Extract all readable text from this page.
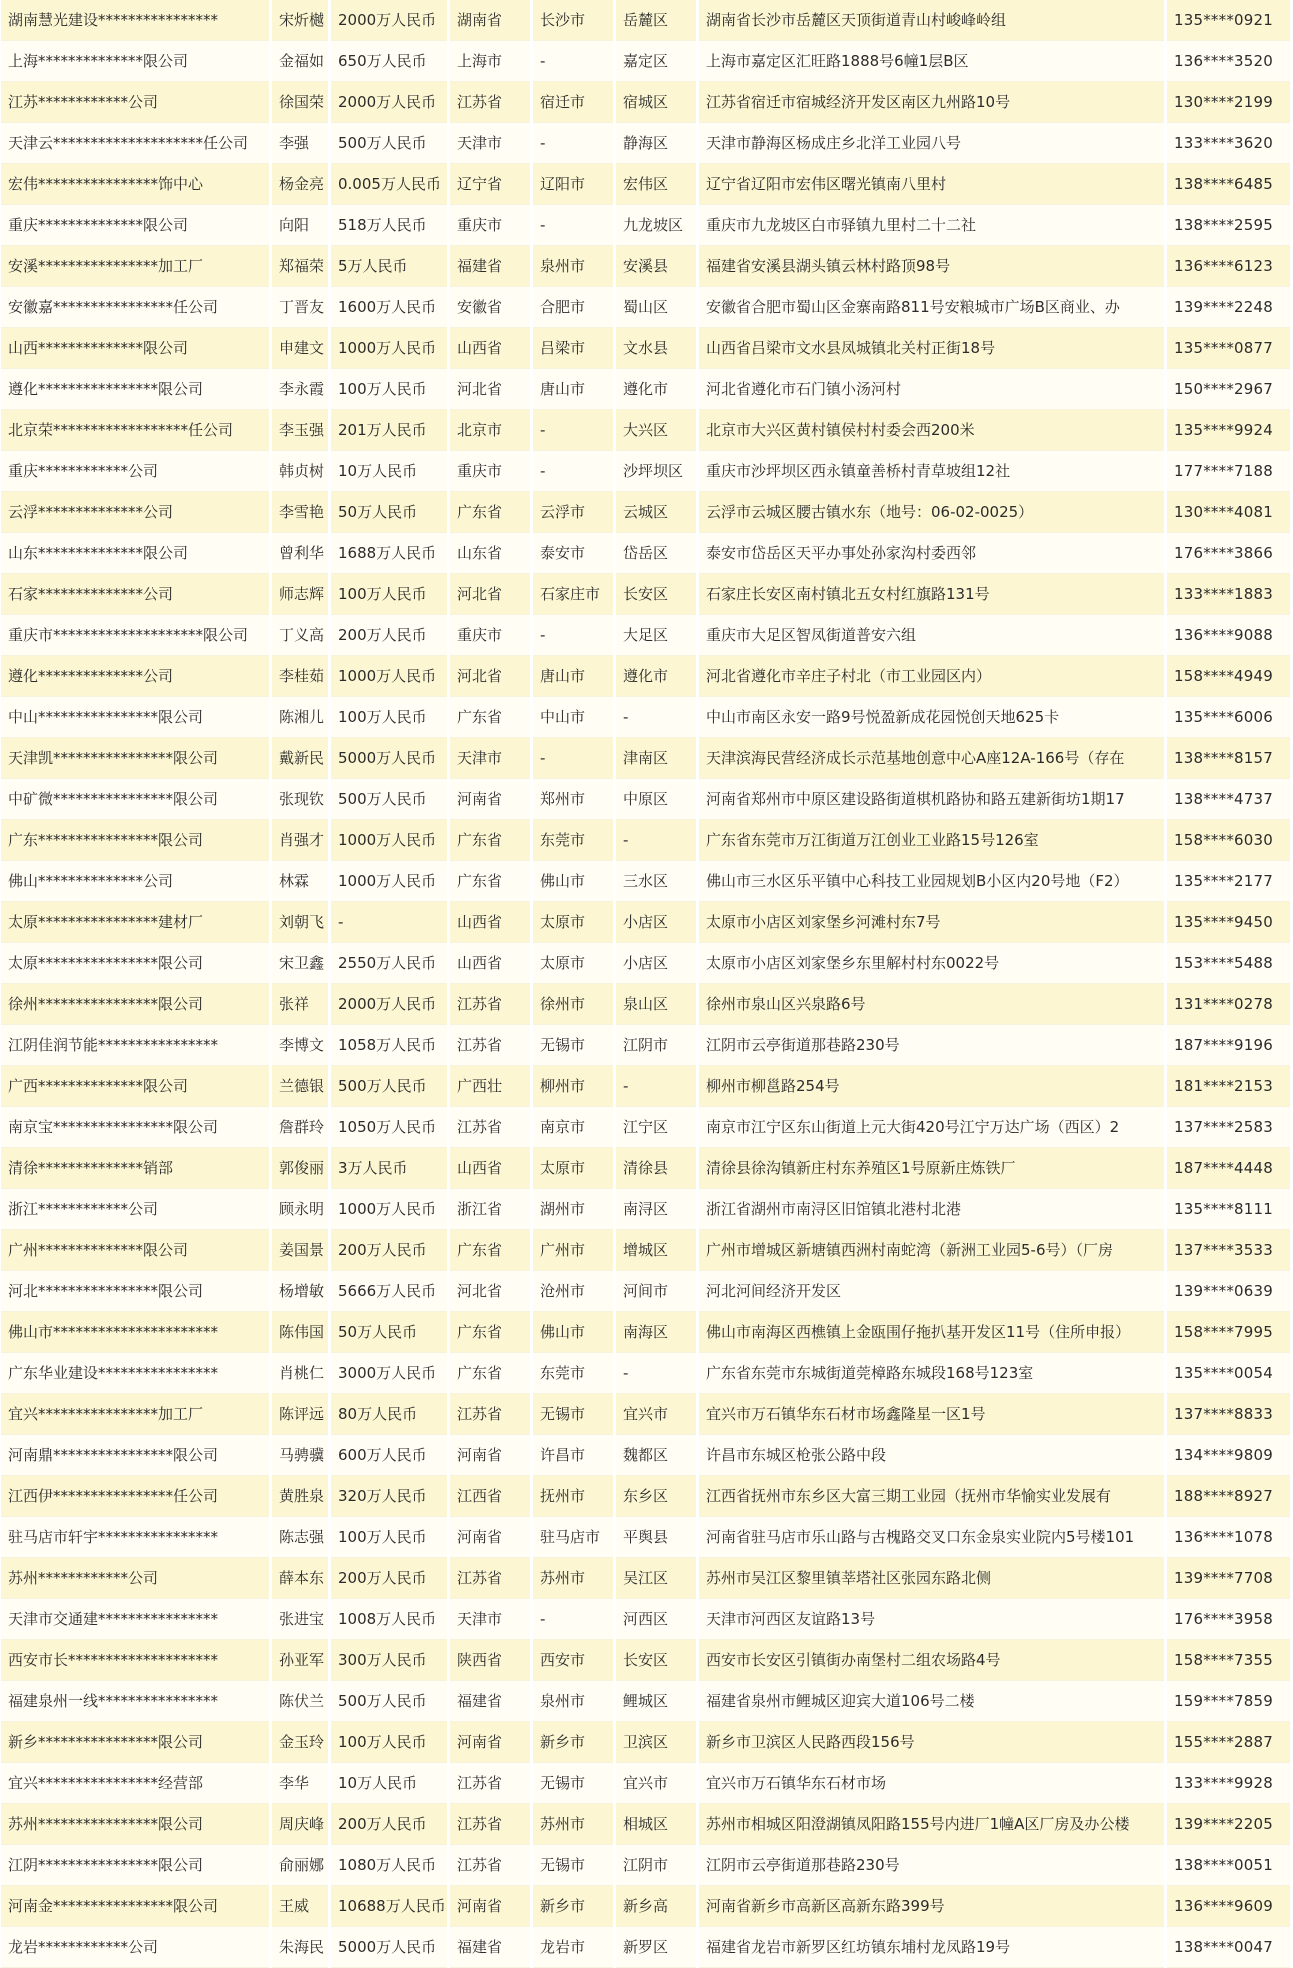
湖南慧光建设****************	宋炘樾	2000万人民币	湖南省	长沙市	岳麓区	湖南省长沙市岳麓区天顶街道青山村峻峰岭组	135****0921
上海**************限公司	金福如	650万人民币	上海市	-	嘉定区	上海市嘉定区汇旺路1888号6幢1层B区	136****3520
江苏************公司	徐国荣	2000万人民币	江苏省	宿迁市	宿城区	江苏省宿迁市宿城经济开发区南区九州路10号	130****2199
天津云********************任公司	李强	500万人民币	天津市	-	静海区	天津市静海区杨成庄乡北洋工业园八号	133****3620
宏伟****************饰中心	杨金亮	0.005万人民币	辽宁省	辽阳市	宏伟区	辽宁省辽阳市宏伟区曙光镇南八里村	138****6485
重庆**************限公司	向阳	518万人民币	重庆市	-	九龙坡区	重庆市九龙坡区白市驿镇九里村二十二社	138****2595
安溪****************加工厂	郑福荣	5万人民币	福建省	泉州市	安溪县	福建省安溪县湖头镇云林村路顶98号	136****6123
安徽嘉****************任公司	丁晋友	1600万人民币	安徽省	合肥市	蜀山区	安徽省合肥市蜀山区金寨南路811号安粮城市广场B区商业、办	139****2248
山西**************限公司	申建文	1000万人民币	山西省	吕梁市	文水县	山西省吕梁市文水县凤城镇北关村正街18号	135****0877
遵化****************限公司	李永霞	100万人民币	河北省	唐山市	遵化市	河北省遵化市石门镇小汤河村	150****2967
北京荣******************任公司	李玉强	201万人民币	北京市	-	大兴区	北京市大兴区黄村镇侯村村委会西200米	135****9924
重庆************公司	韩贞树	10万人民币	重庆市	-	沙坪坝区	重庆市沙坪坝区西永镇童善桥村青草坡组12社	177****7188
云浮**************公司	李雪艳	50万人民币	广东省	云浮市	云城区	云浮市云城区腰古镇水东（地号：06-02-0025）	130****4081
山东**************限公司	曾利华	1688万人民币	山东省	泰安市	岱岳区	泰安市岱岳区天平办事处孙家沟村委西邻	176****3866
石家**************公司	师志辉	100万人民币	河北省	石家庄市	长安区	石家庄长安区南村镇北五女村红旗路131号	133****1883
重庆市********************限公司	丁义高	200万人民币	重庆市	-	大足区	重庆市大足区智凤街道普安六组	136****9088
遵化**************公司	李桂茹	1000万人民币	河北省	唐山市	遵化市	河北省遵化市辛庄子村北（市工业园区内）	158****4949
中山****************限公司	陈湘儿	100万人民币	广东省	中山市	-	中山市南区永安一路9号悦盈新成花园悦创天地625卡	135****6006
天津凯****************限公司	戴新民	5000万人民币	天津市	-	津南区	天津滨海民营经济成长示范基地创意中心A座12A-166号（存在	138****8157
中矿微****************限公司	张现钦	500万人民币	河南省	郑州市	中原区	河南省郑州市中原区建设路街道棋机路协和路五建新街坊1期17	138****4737
广东****************限公司	肖强才	1000万人民币	广东省	东莞市	-	广东省东莞市万江街道万江创业工业路15号126室	158****6030
佛山**************公司	林霖	1000万人民币	广东省	佛山市	三水区	佛山市三水区乐平镇中心科技工业园规划B小区内20号地（F2）	135****2177
太原****************建材厂	刘朝飞	-	山西省	太原市	小店区	太原市小店区刘家堡乡河滩村东7号	135****9450
太原****************限公司	宋卫鑫	2550万人民币	山西省	太原市	小店区	太原市小店区刘家堡乡东里解村村东0022号	153****5488
徐州****************限公司	张祥	2000万人民币	江苏省	徐州市	泉山区	徐州市泉山区兴泉路6号	131****0278
江阴佳润节能****************	李博文	1058万人民币	江苏省	无锡市	江阴市	江阴市云亭街道那巷路230号	187****9196
广西**************限公司	兰德银	500万人民币	广西壮	柳州市	-	柳州市柳邕路254号	181****2153
南京宝****************限公司	詹群玲	1050万人民币	江苏省	南京市	江宁区	南京市江宁区东山街道上元大街420号江宁万达广场（西区）2	137****2583
清徐**************销部	郭俊丽	3万人民币	山西省	太原市	清徐县	清徐县徐沟镇新庄村东养殖区1号原新庄炼铁厂	187****4448
浙江************公司	顾永明	1000万人民币	浙江省	湖州市	南浔区	浙江省湖州市南浔区旧馆镇北港村北港	135****8111
广州**************限公司	姜国景	200万人民币	广东省	广州市	增城区	广州市增城区新塘镇西洲村南蛇湾（新洲工业园5-6号）（厂房	137****3533
河北****************限公司	杨增敏	5666万人民币	河北省	沧州市	河间市	河北河间经济开发区	139****0639
佛山市**********************	陈伟国	50万人民币	广东省	佛山市	南海区	佛山市南海区西樵镇上金瓯围仔拖扒基开发区11号（住所申报）	158****7995
广东华业建设****************	肖桃仁	3000万人民币	广东省	东莞市	-	广东省东莞市东城街道莞樟路东城段168号123室	135****0054
宜兴****************加工厂	陈评远	80万人民币	江苏省	无锡市	宜兴市	宜兴市万石镇华东石材市场鑫隆星一区1号	137****8833
河南鼎****************限公司	马骋骥	600万人民币	河南省	许昌市	魏都区	许昌市东城区枪张公路中段	134****9809
江西伊****************任公司	黄胜泉	320万人民币	江西省	抚州市	东乡区	江西省抚州市东乡区大富三期工业园（抚州市华愉实业发展有	188****8927
驻马店市轩宇****************	陈志强	100万人民币	河南省	驻马店市	平舆县	河南省驻马店市乐山路与古槐路交叉口东金泉实业院内5号楼101	136****1078
苏州************公司	薛本东	200万人民币	江苏省	苏州市	吴江区	苏州市吴江区黎里镇莘塔社区张园东路北侧	139****7708
天津市交通建****************	张进宝	1008万人民币	天津市	-	河西区	天津市河西区友谊路13号	176****3958
西安市长********************	孙亚军	300万人民币	陕西省	西安市	长安区	西安市长安区引镇街办南堡村二组农场路4号	158****7355
福建泉州一线****************	陈伏兰	500万人民币	福建省	泉州市	鲤城区	福建省泉州市鲤城区迎宾大道106号二楼	159****7859
新乡****************限公司	金玉玲	100万人民币	河南省	新乡市	卫滨区	新乡市卫滨区人民路西段156号	155****2887
宜兴****************经营部	李华	10万人民币	江苏省	无锡市	宜兴市	宜兴市万石镇华东石材市场	133****9928
苏州****************限公司	周庆峰	200万人民币	江苏省	苏州市	相城区	苏州市相城区阳澄湖镇凤阳路155号内进厂1幢A区厂房及办公楼	139****2205
江阴****************限公司	俞丽娜	1080万人民币	江苏省	无锡市	江阴市	江阴市云亭街道那巷路230号	138****0051
河南金****************限公司	王威	10688万人民币	河南省	新乡市	新乡高	河南省新乡市高新区高新东路399号	136****9609
龙岩************公司	朱海民	5000万人民币	福建省	龙岩市	新罗区	福建省龙岩市新罗区红坊镇东埔村龙凤路19号	138****0047
